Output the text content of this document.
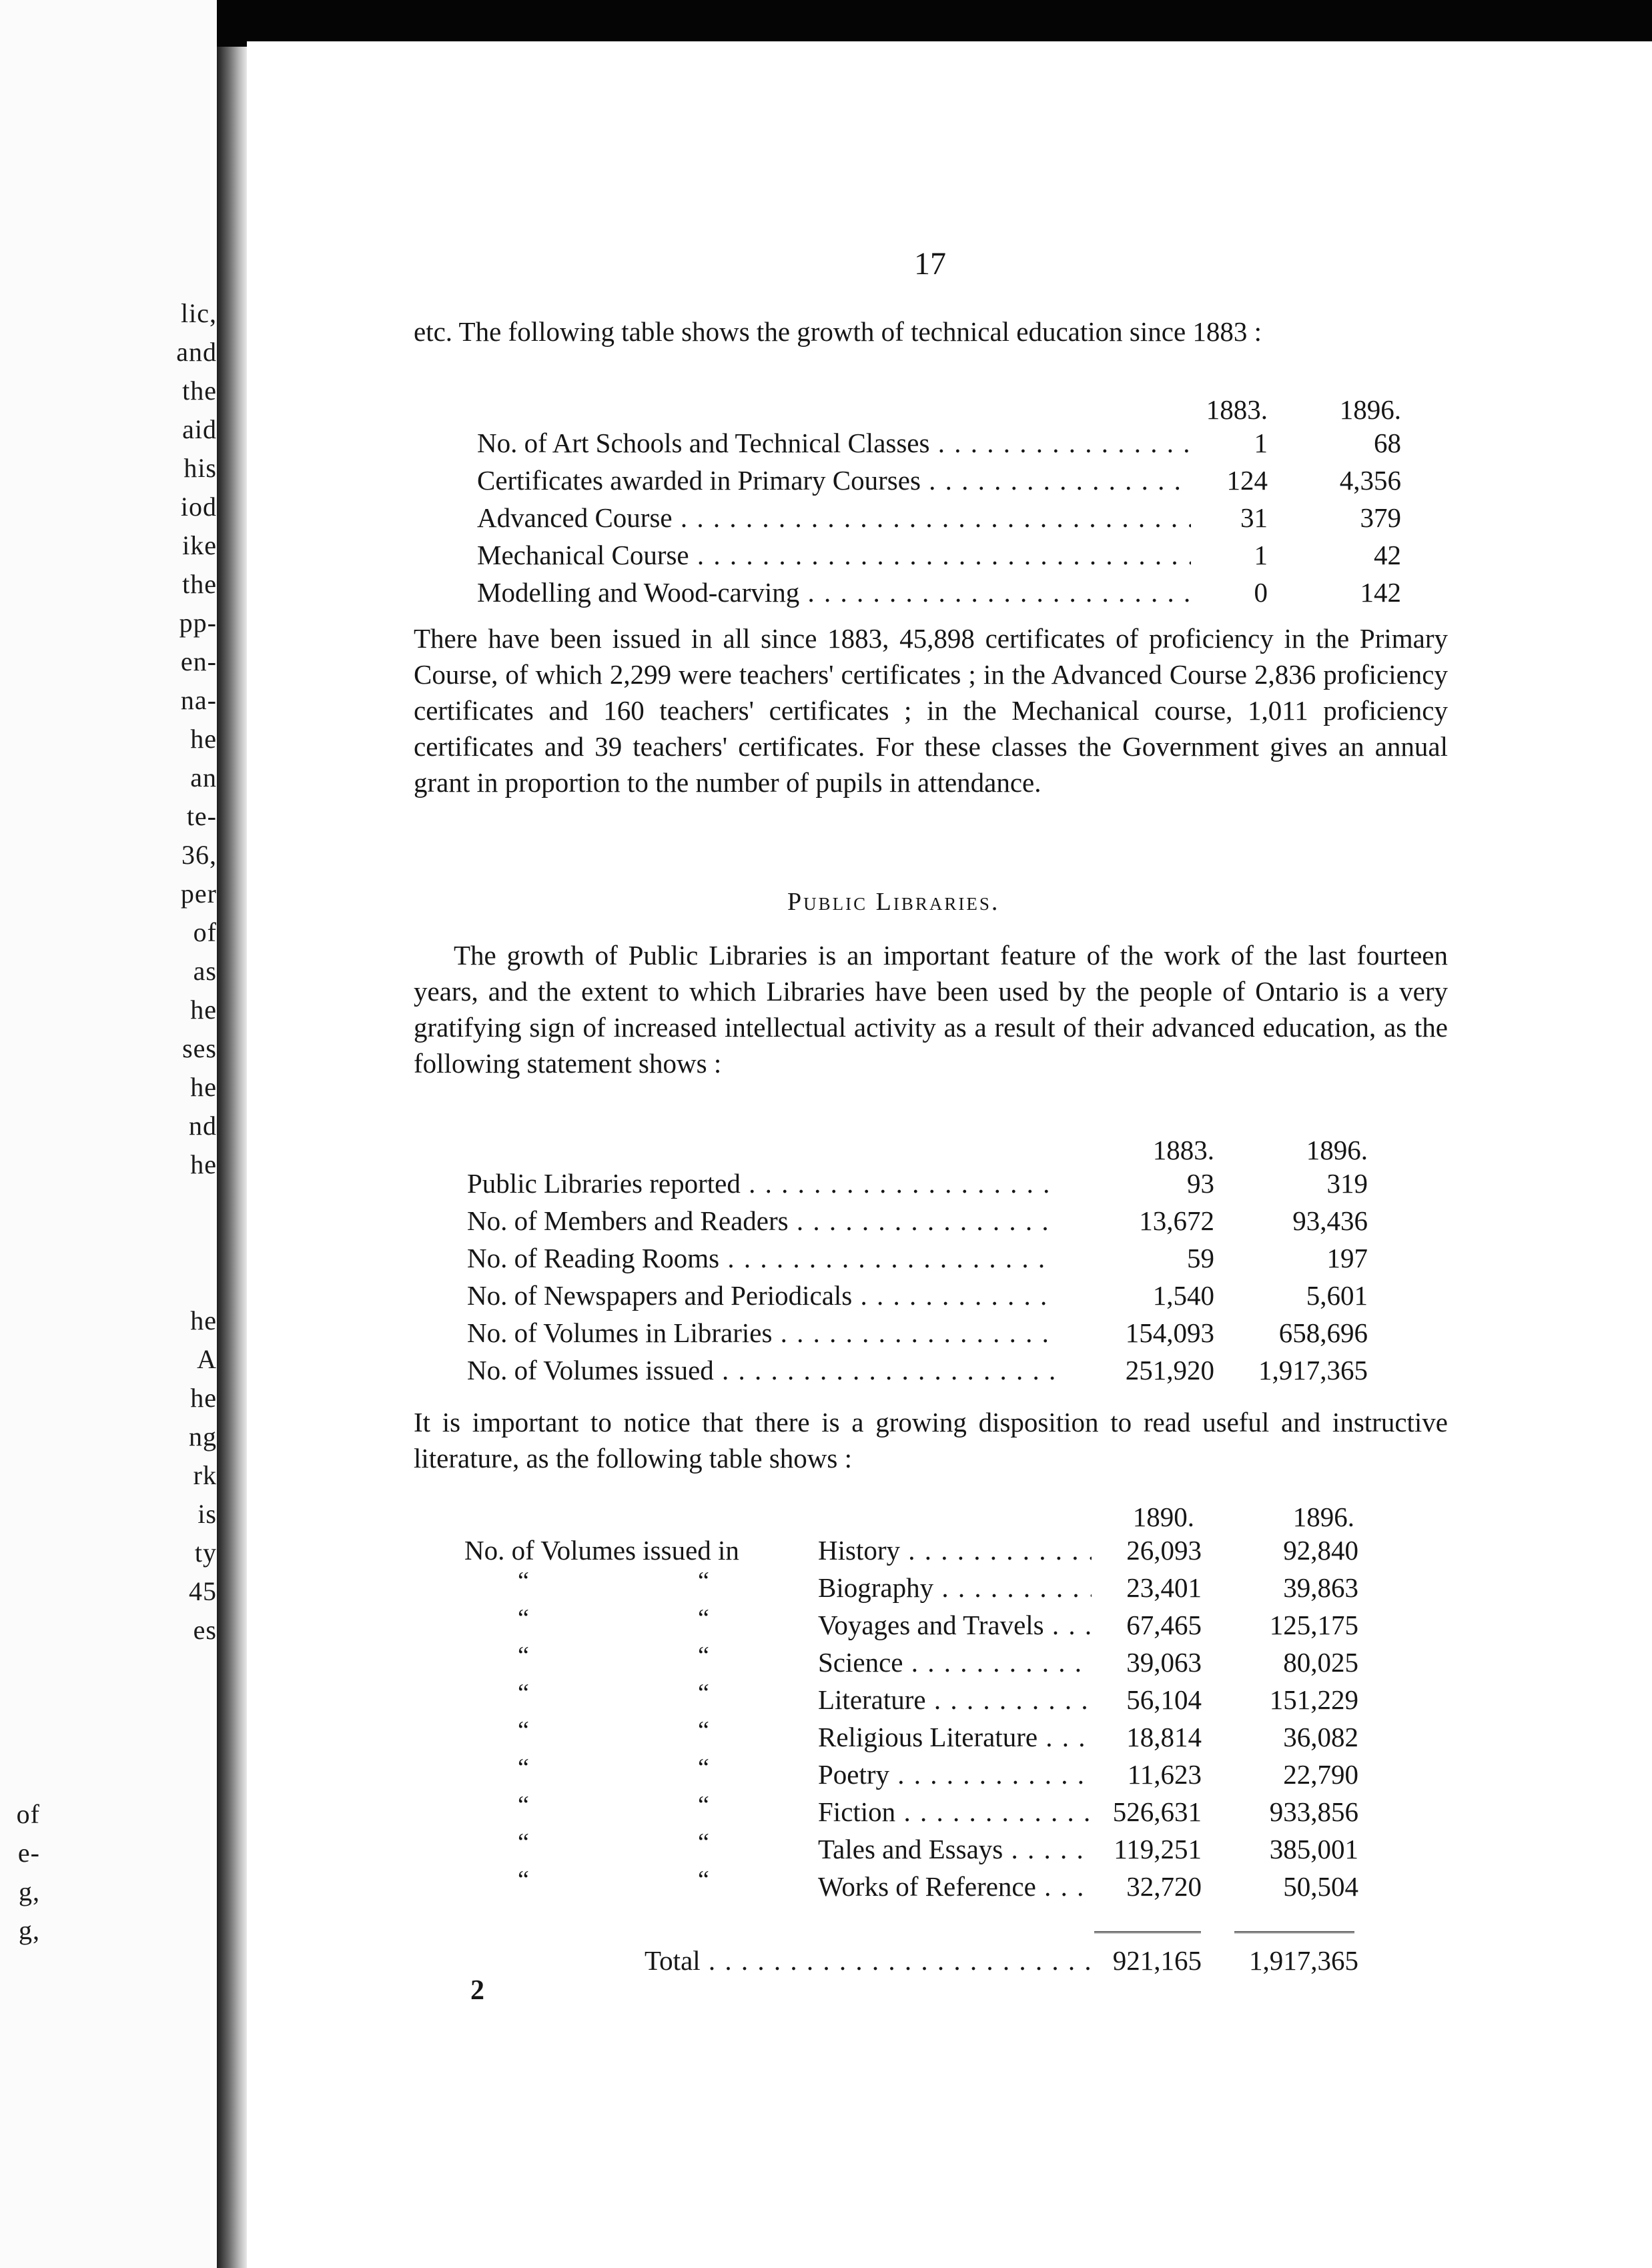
lic,
and
the
aid
his
iod
ike
the
pp-
en-
na-
he
an
te-
36,
per
of
as
he
ses
he
nd
he
he
A
he
ng
rk
is
ty
45
es
of
e-
g,
g,
17
etc. The following table shows the growth of technical education since 1883 :
1883.	1896.
No. of Art Schools and Technical Classes . . .	1	68
Certificates awarded in Primary Courses . . .	124	4,356
Advanced Course . . .	31	379
Mechanical Course . . .	1	42
Modelling and Wood-carving . . .	0	142
There have been issued in all since 1883, 45,898 certificates of proficiency in the Primary Course, of which 2,299 were teachers' certificates ; in the Advanced Course 2,836 proficiency certificates and 160 teachers' certificates ; in the Mechanical course, 1,011 proficiency certificates and 39 teachers' certificates. For these classes the Government gives an annual grant in proportion to the number of pupils in attendance.
Public Libraries.
The growth of Public Libraries is an important feature of the work of the last fourteen years, and the extent to which Libraries have been used by the people of Ontario is a very gratifying sign of increased intellectual activity as a result of their advanced education, as the following statement shows :
1883.	1896.
Public Libraries reported . . .	93	319
No. of Members and Readers . . .	13,672	93,436
No. of Reading Rooms . . .	59	197
No. of Newspapers and Periodicals . . .	1,540	5,601
No. of Volumes in Libraries . . .	154,093	658,696
No. of Volumes issued . . .	251,920	1,917,365
It is important to notice that there is a growing disposition to read useful and instructive literature, as the following table shows :
1890.	1896.
No. of Volumes issued in	History . . .	26,093	92,840
“	“	Biography . . .	23,401	39,863
“	“	Voyages and Travels . . .	67,465	125,175
“	“	Science . . .	39,063	80,025
“	“	Literature . . .	56,104	151,229
“	“	Religious Literature . . .	18,814	36,082
“	“	Poetry . . .	11,623	22,790
“	“	Fiction . . .	526,631	933,856
“	“	Tales and Essays . . .	119,251	385,001
“	“	Works of Reference . . .	32,720	50,504
Total . . .	921,165	1,917,365
2
